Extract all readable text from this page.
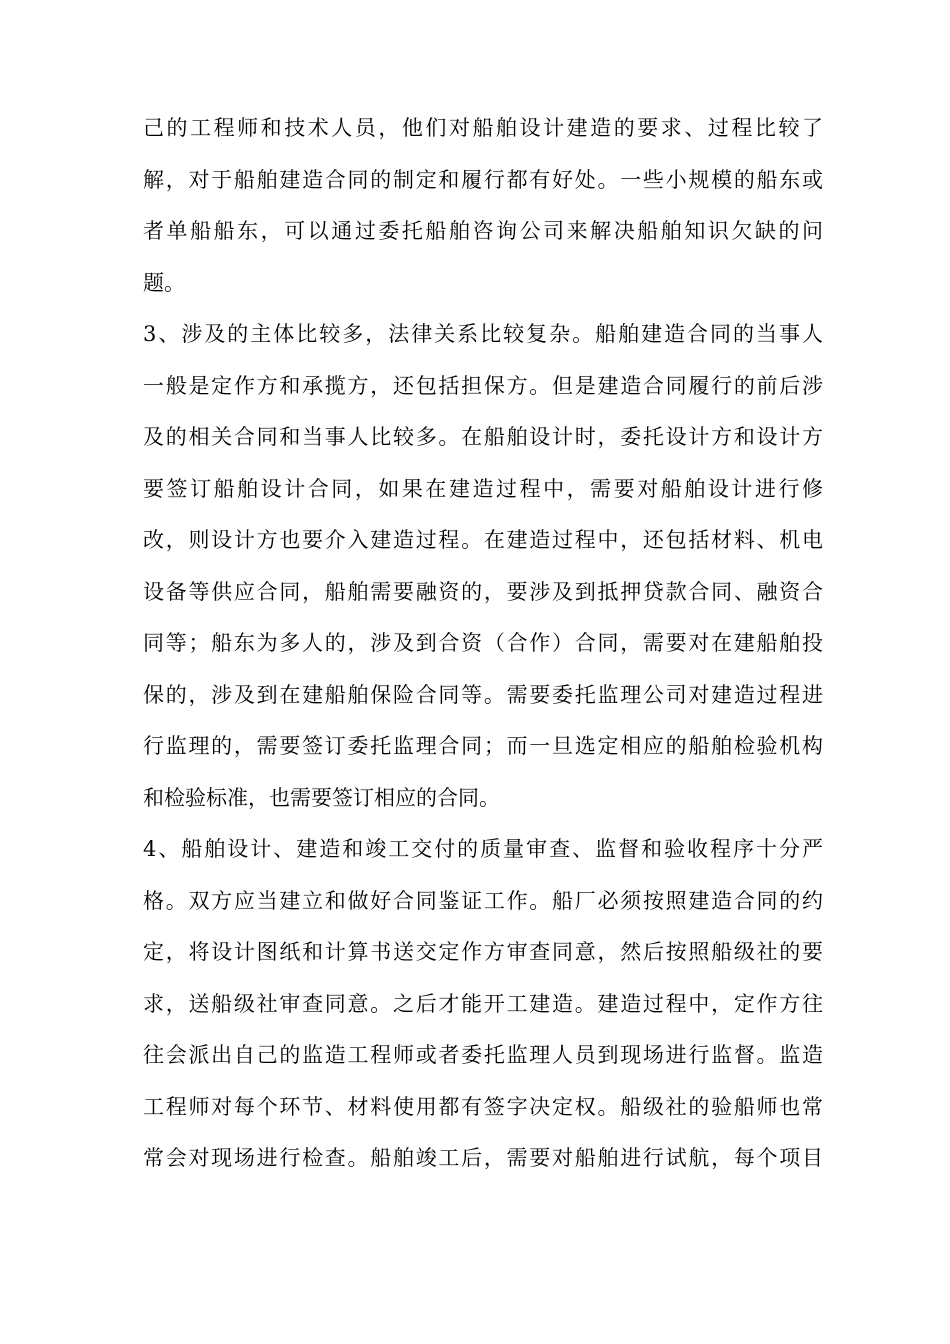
己的工程师和技术人员，他们对船舶设计建造的要求、过程比较了
解，对于船舶建造合同的制定和履行都有好处。一些小规模的船东或
者单船船东，可以通过委托船舶咨询公司来解决船舶知识欠缺的问
题。
3、涉及的主体比较多，法律关系比较复杂。船舶建造合同的当事人
一般是定作方和承揽方，还包括担保方。但是建造合同履行的前后涉
及的相关合同和当事人比较多。在船舶设计时，委托设计方和设计方
要签订船舶设计合同，如果在建造过程中，需要对船舶设计进行修
改，则设计方也要介入建造过程。在建造过程中，还包括材料、机电
设备等供应合同，船舶需要融资的，要涉及到抵押贷款合同、融资合
同等；船东为多人的，涉及到合资（合作）合同，需要对在建船舶投
保的，涉及到在建船舶保险合同等。需要委托监理公司对建造过程进
行监理的，需要签订委托监理合同；而一旦选定相应的船舶检验机构
和检验标准，也需要签订相应的合同。
4、船舶设计、建造和竣工交付的质量审查、监督和验收程序十分严
格。双方应当建立和做好合同鉴证工作。船厂必须按照建造合同的约
定，将设计图纸和计算书送交定作方审查同意，然后按照船级社的要
求，送船级社审查同意。之后才能开工建造。建造过程中，定作方往
往会派出自己的监造工程师或者委托监理人员到现场进行监督。监造
工程师对每个环节、材料使用都有签字决定权。船级社的验船师也常
常会对现场进行检查。船舶竣工后，需要对船舶进行试航，每个项目
